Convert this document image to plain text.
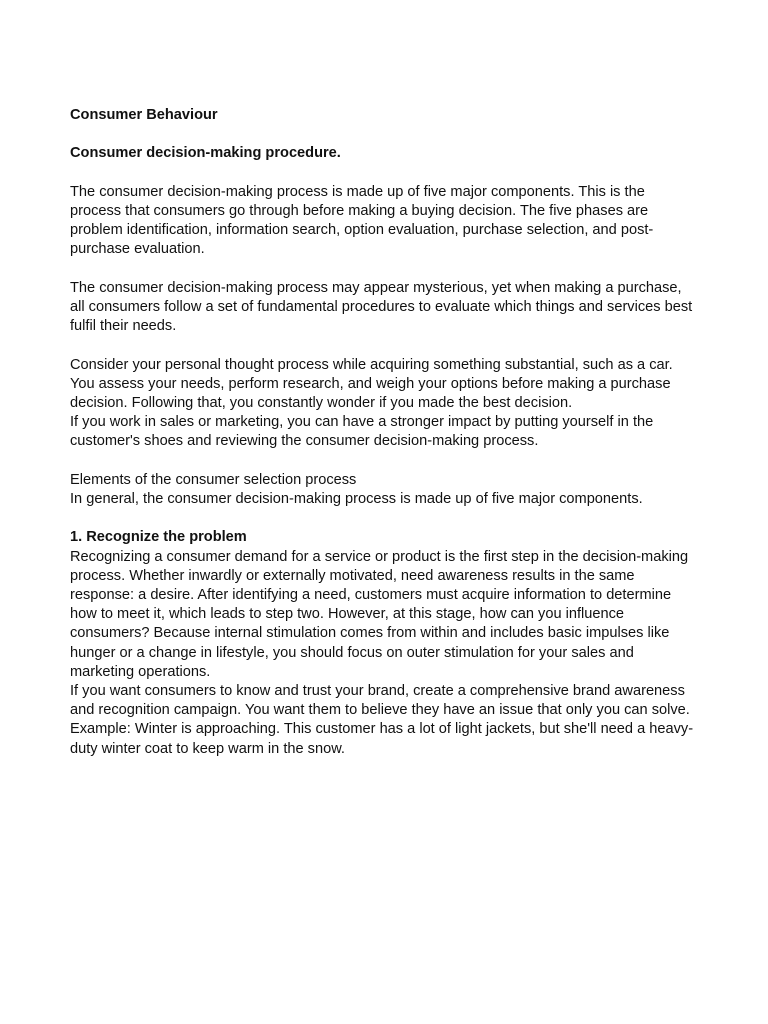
Consumer Behaviour

Consumer decision-making procedure.

The consumer decision-making process is made up of five major components. This is the process that consumers go through before making a buying decision. The five phases are problem identification, information search, option evaluation, purchase selection, and post-purchase evaluation.

The consumer decision-making process may appear mysterious, yet when making a purchase, all consumers follow a set of fundamental procedures to evaluate which things and services best fulfil their needs.

Consider your personal thought process while acquiring something substantial, such as a car. You assess your needs, perform research, and weigh your options before making a purchase decision. Following that, you constantly wonder if you made the best decision.

If you work in sales or marketing, you can have a stronger impact by putting yourself in the customer's shoes and reviewing the consumer decision-making process.

Elements of the consumer selection process

In general, the consumer decision-making process is made up of five major components.

1. Recognize the problem

Recognizing a consumer demand for a service or product is the first step in the decision-making process. Whether inwardly or externally motivated, need awareness results in the same response: a desire. After identifying a need, customers must acquire information to determine how to meet it, which leads to step two. However, at this stage, how can you influence consumers? Because internal stimulation comes from within and includes basic impulses like hunger or a change in lifestyle, you should focus on outer stimulation for your sales and marketing operations.

If you want consumers to know and trust your brand, create a comprehensive brand awareness and recognition campaign. You want them to believe they have an issue that only you can solve.

Example: Winter is approaching. This customer has a lot of light jackets, but she'll need a heavy-duty winter coat to keep warm in the snow.
